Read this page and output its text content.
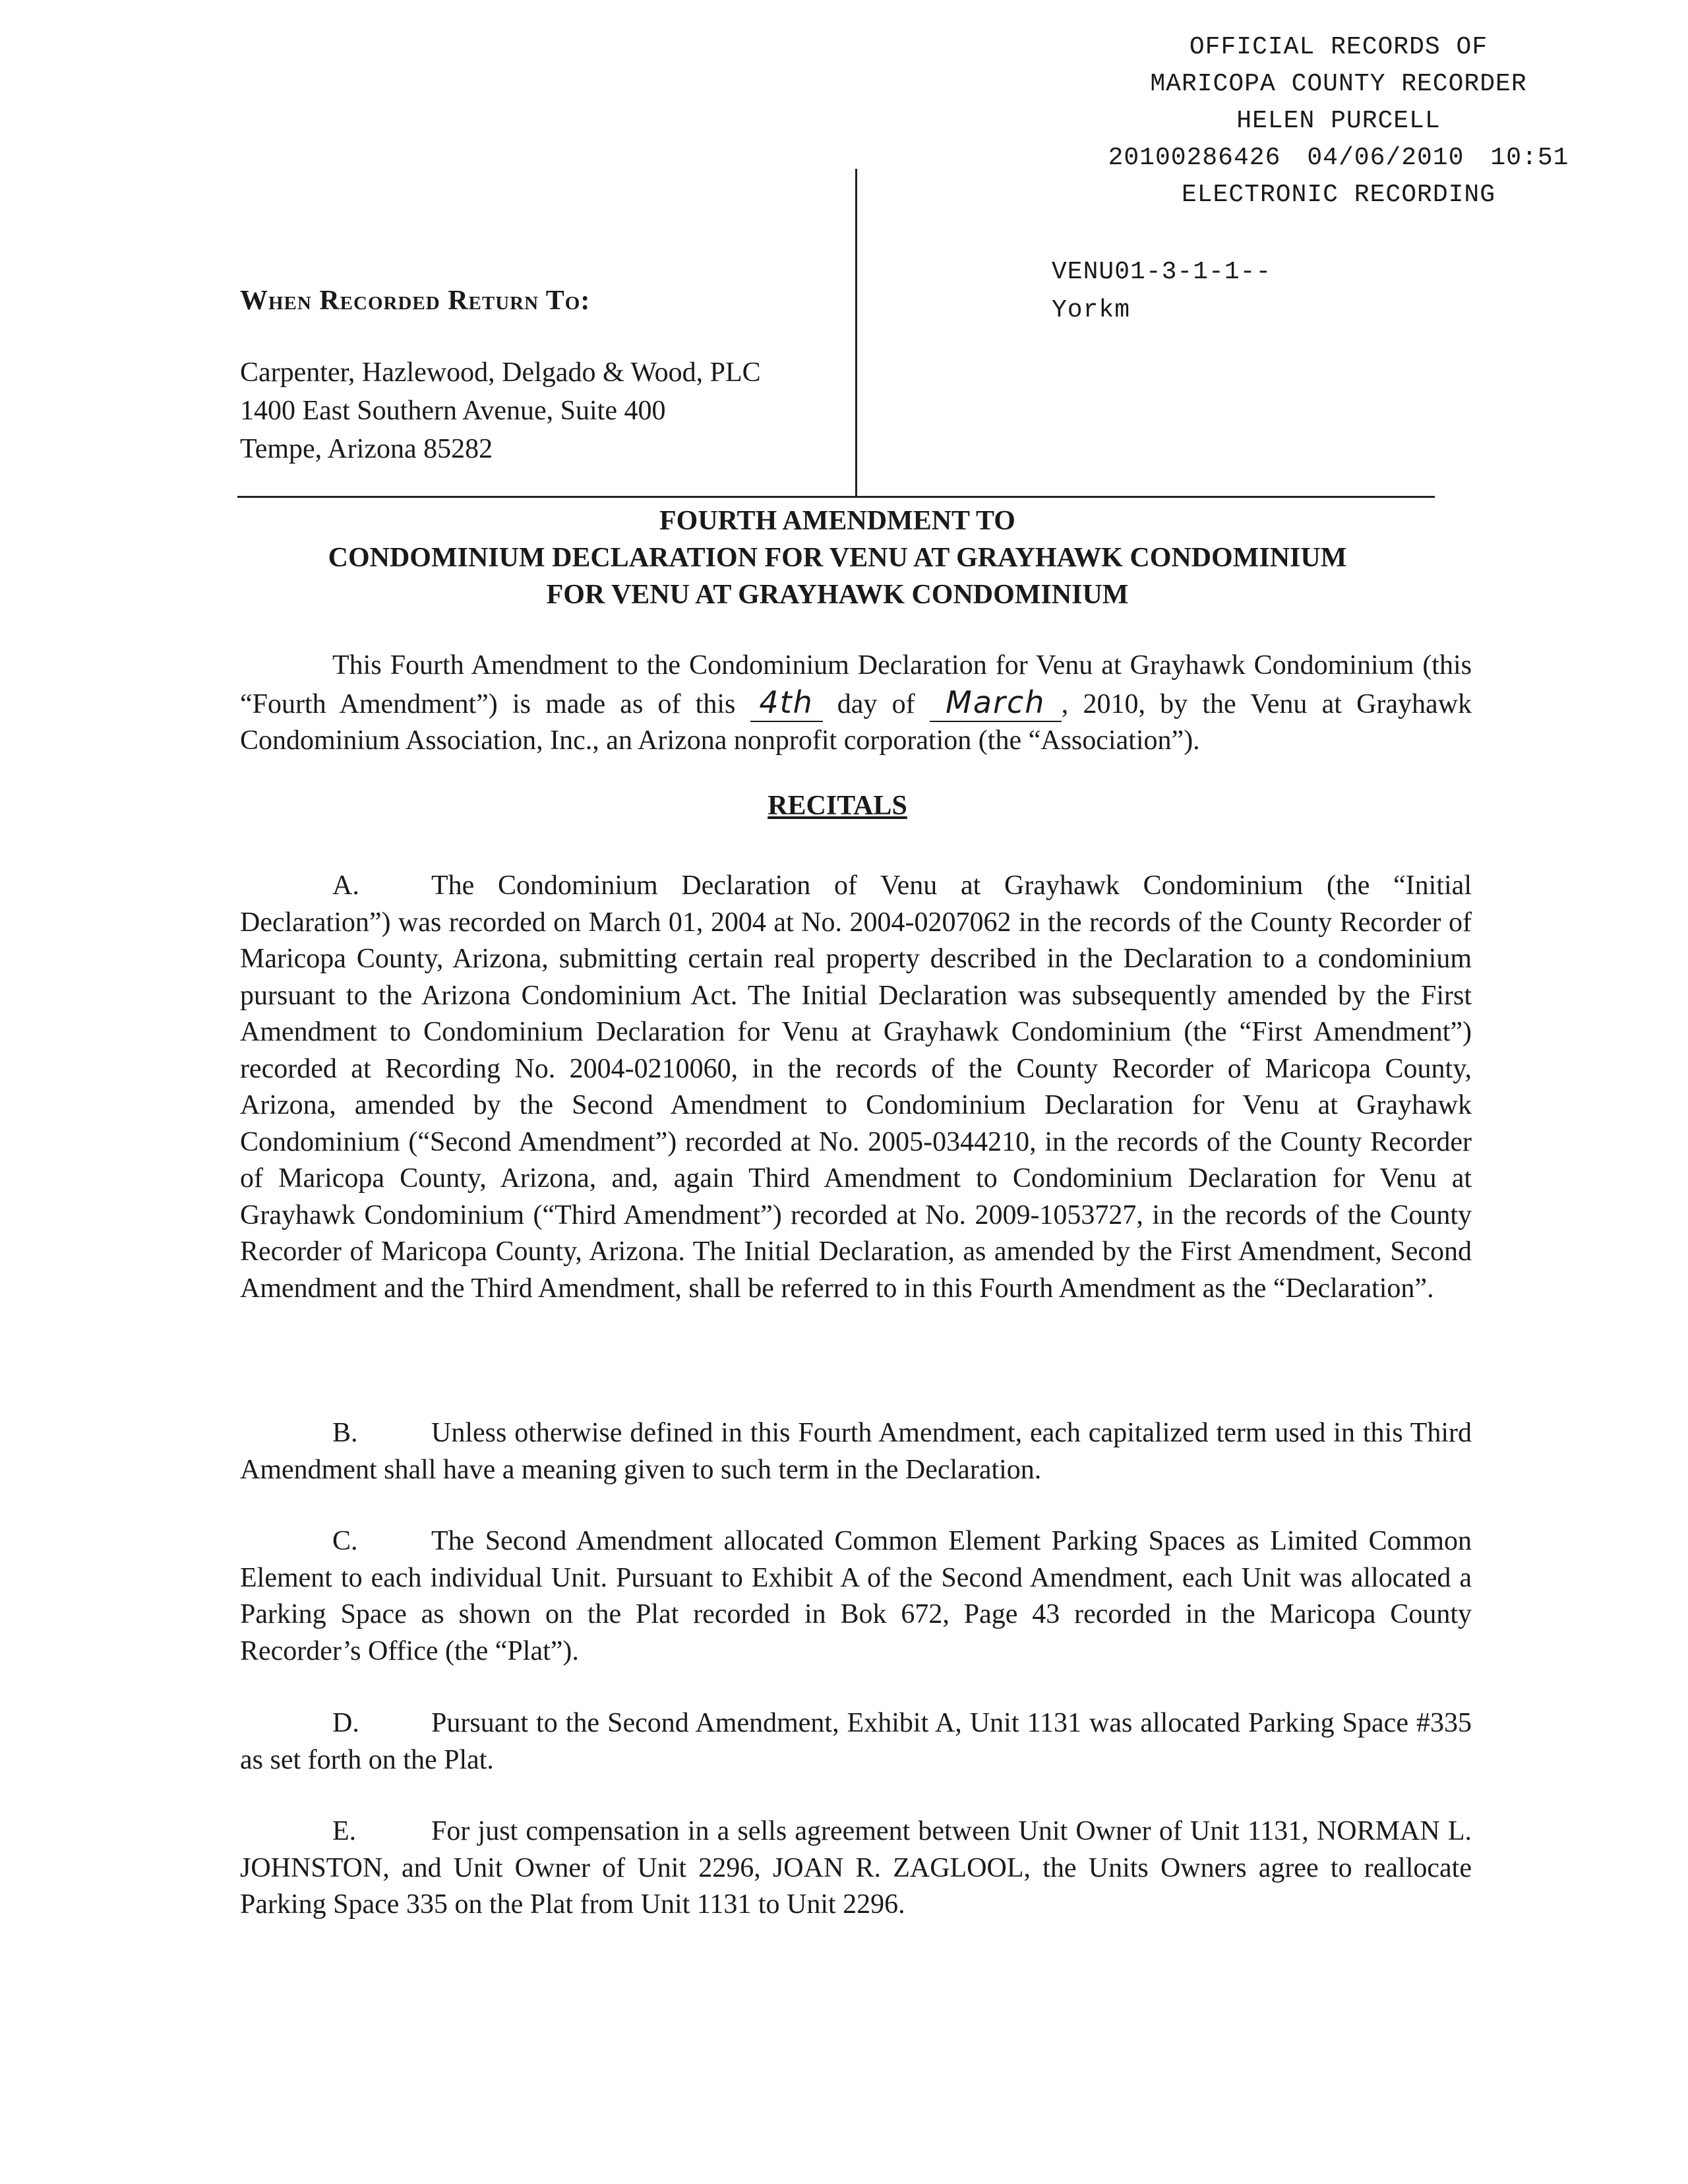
OFFICIAL RECORDS OF
MARICOPA COUNTY RECORDER
HELEN PURCELL
20100286426 04/06/2010 10:51
ELECTRONIC RECORDING
VENU01-3-1-1--
Yorkm
When Recorded Return To:
Carpenter, Hazlewood, Delgado & Wood, PLC
1400 East Southern Avenue, Suite 400
Tempe, Arizona 85282
FOURTH AMENDMENT TO
CONDOMINIUM DECLARATION FOR VENU AT GRAYHAWK CONDOMINIUM
FOR VENU AT GRAYHAWK CONDOMINIUM
This Fourth Amendment to the Condominium Declaration for Venu at Grayhawk Condominium (this “Fourth Amendment”) is made as of this 4th day of March , 2010, by the Venu at Grayhawk Condominium Association, Inc., an Arizona nonprofit corporation (the “Association”).
RECITALS
A.	The Condominium Declaration of Venu at Grayhawk Condominium (the “Initial Declaration”) was recorded on March 01, 2004 at No. 2004-0207062 in the records of the County Recorder of Maricopa County, Arizona, submitting certain real property described in the Declaration to a condominium pursuant to the Arizona Condominium Act. The Initial Declaration was subsequently amended by the First Amendment to Condominium Declaration for Venu at Grayhawk Condominium (the “First Amendment”) recorded at Recording No. 2004-0210060, in the records of the County Recorder of Maricopa County, Arizona, amended by the Second Amendment to Condominium Declaration for Venu at Grayhawk Condominium (“Second Amendment”) recorded at No. 2005-0344210, in the records of the County Recorder of Maricopa County, Arizona, and, again Third Amendment to Condominium Declaration for Venu at Grayhawk Condominium (“Third Amendment”) recorded at No. 2009-1053727, in the records of the County Recorder of Maricopa County, Arizona. The Initial Declaration, as amended by the First Amendment, Second Amendment and the Third Amendment, shall be referred to in this Fourth Amendment as the “Declaration”.
B.	Unless otherwise defined in this Fourth Amendment, each capitalized term used in this Third Amendment shall have a meaning given to such term in the Declaration.
C.	The Second Amendment allocated Common Element Parking Spaces as Limited Common Element to each individual Unit. Pursuant to Exhibit A of the Second Amendment, each Unit was allocated a Parking Space as shown on the Plat recorded in Bok 672, Page 43 recorded in the Maricopa County Recorder’s Office (the “Plat”).
D.	Pursuant to the Second Amendment, Exhibit A, Unit 1131 was allocated Parking Space #335 as set forth on the Plat.
E.	For just compensation in a sells agreement between Unit Owner of Unit 1131, NORMAN L. JOHNSTON, and Unit Owner of Unit 2296, JOAN R. ZAGLOOL, the Units Owners agree to reallocate Parking Space 335 on the Plat from Unit 1131 to Unit 2296.
